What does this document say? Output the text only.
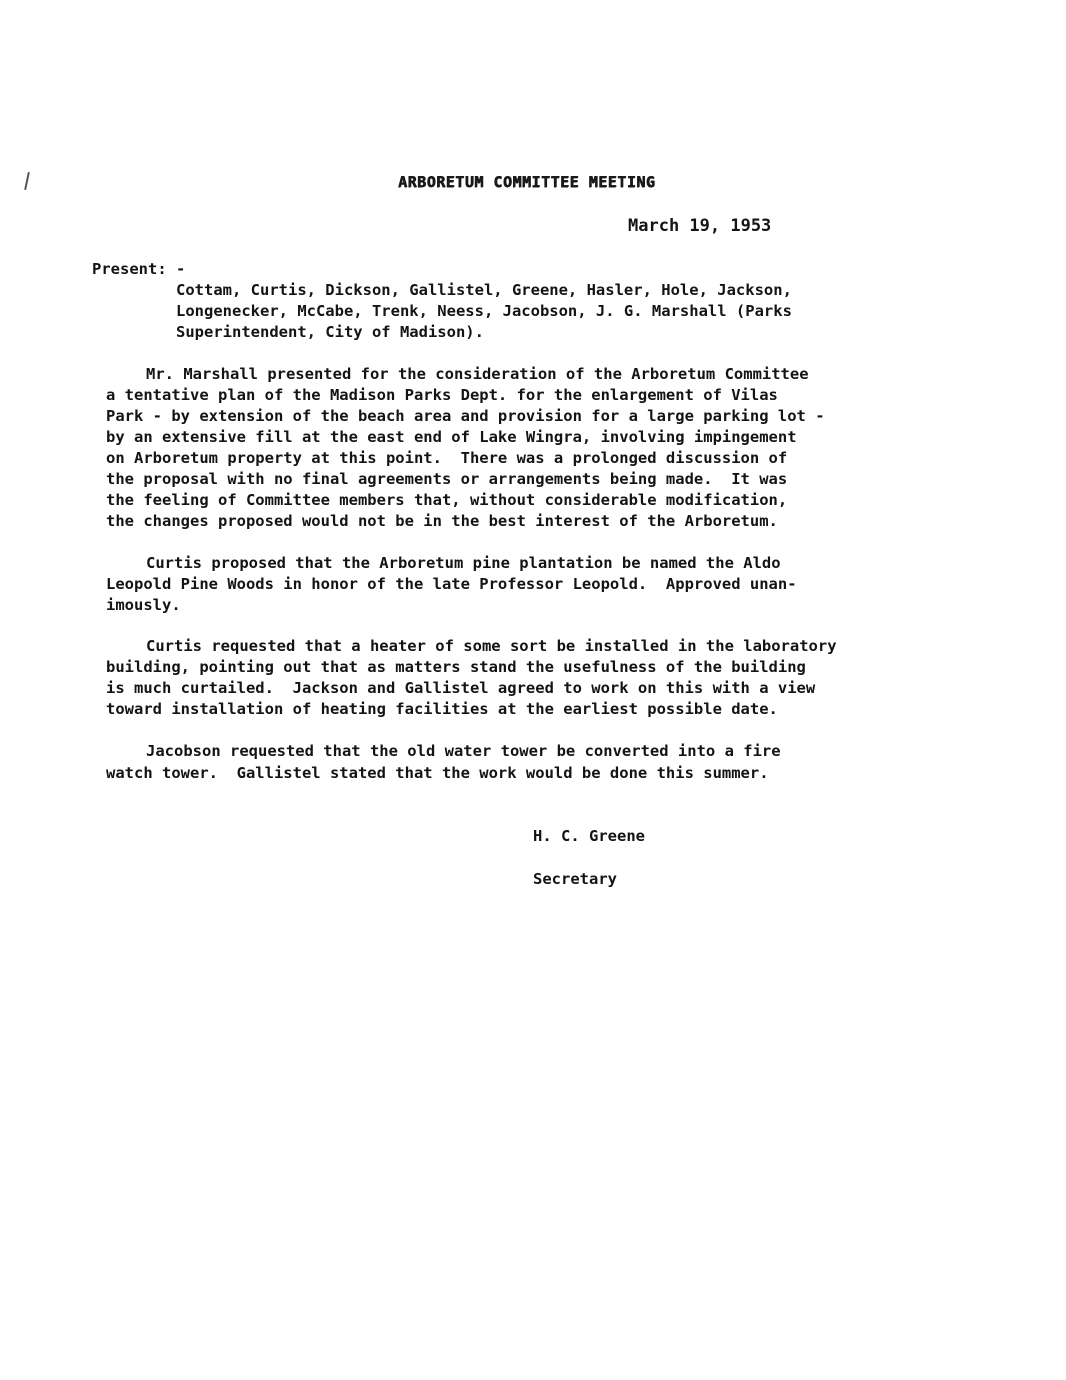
ARBORETUM COMMITTEE MEETING
March 19, 1953
Present: -
Cottam, Curtis, Dickson, Gallistel, Greene, Hasler, Hole, Jackson,
Longenecker, McCabe, Trenk, Neess, Jacobson, J. G. Marshall (Parks
Superintendent, City of Madison).
Mr. Marshall presented for the consideration of the Arboretum Committee
a tentative plan of the Madison Parks Dept. for the enlargement of Vilas
Park - by extension of the beach area and provision for a large parking lot -
by an extensive fill at the east end of Lake Wingra, involving impingement
on Arboretum property at this point.  There was a prolonged discussion of
the proposal with no final agreements or arrangements being made.  It was
the feeling of Committee members that, without considerable modification,
the changes proposed would not be in the best interest of the Arboretum.
Curtis proposed that the Arboretum pine plantation be named the Aldo
Leopold Pine Woods in honor of the late Professor Leopold.  Approved unan-
imously.
Curtis requested that a heater of some sort be installed in the laboratory
building, pointing out that as matters stand the usefulness of the building
is much curtailed.  Jackson and Gallistel agreed to work on this with a view
toward installation of heating facilities at the earliest possible date.
Jacobson requested that the old water tower be converted into a fire
watch tower.  Gallistel stated that the work would be done this summer.
H. C. Greene
Secretary
